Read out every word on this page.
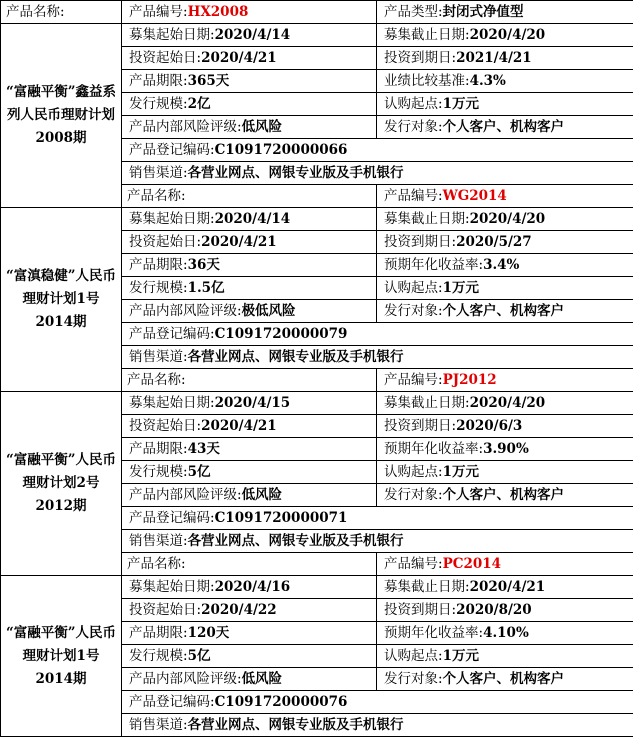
产品名称:	产品编号:HX2008	产品类型:封闭式净值型	
“富融平衡”鑫益系列人民币理财计划2008期	募集起始日期:2020/4/14	募集截止日期:2020/4/20	
	投资起始日:2020/4/21	投资到期日:2021/4/21	
	产品期限:365天	业绩比较基准:4.3%	
	发行规模:2亿	认购起点:1万元	
	产品内部风险评级:低风险	发行对象:个人客户、机构客户	
	产品登记编码:C1091720000066		
	销售渠道:各营业网点、网银专业版及手机银行		
	产品名称:	产品编号:WG2014	
“富滇稳健”人民币理财计划1号2014期	募集起始日期:2020/4/14	募集截止日期:2020/4/20	
	投资起始日:2020/4/21	投资到期日:2020/5/27	
	产品期限:36天	预期年化收益率:3.4%	
	发行规模:1.5亿	认购起点:1万元	
	产品内部风险评级:极低风险	发行对象:个人客户、机构客户	
	产品登记编码:C1091720000079		
	销售渠道:各营业网点、网银专业版及手机银行		
	产品名称:	产品编号:PJ2012	
“富融平衡”人民币理财计划2号2012期	募集起始日期:2020/4/15	募集截止日期:2020/4/20	
	投资起始日:2020/4/21	投资到期日:2020/6/3	
	产品期限:43天	预期年化收益率:3.90%	
	发行规模:5亿	认购起点:1万元	
	产品内部风险评级:低风险	发行对象:个人客户、机构客户	
	产品登记编码:C1091720000071		
	销售渠道:各营业网点、网银专业版及手机银行		
	产品名称:	产品编号:PC2014	
“富融平衡”人民币理财计划1号2014期	募集起始日期:2020/4/16	募集截止日期:2020/4/21	
	投资起始日:2020/4/22	投资到期日:2020/8/20	
	产品期限:120天	预期年化收益率:4.10%	
	发行规模:5亿	认购起点:1万元	
	产品内部风险评级:低风险	发行对象:个人客户、机构客户	
	产品登记编码:C1091720000076		
	销售渠道:各营业网点、网银专业版及手机银行		
